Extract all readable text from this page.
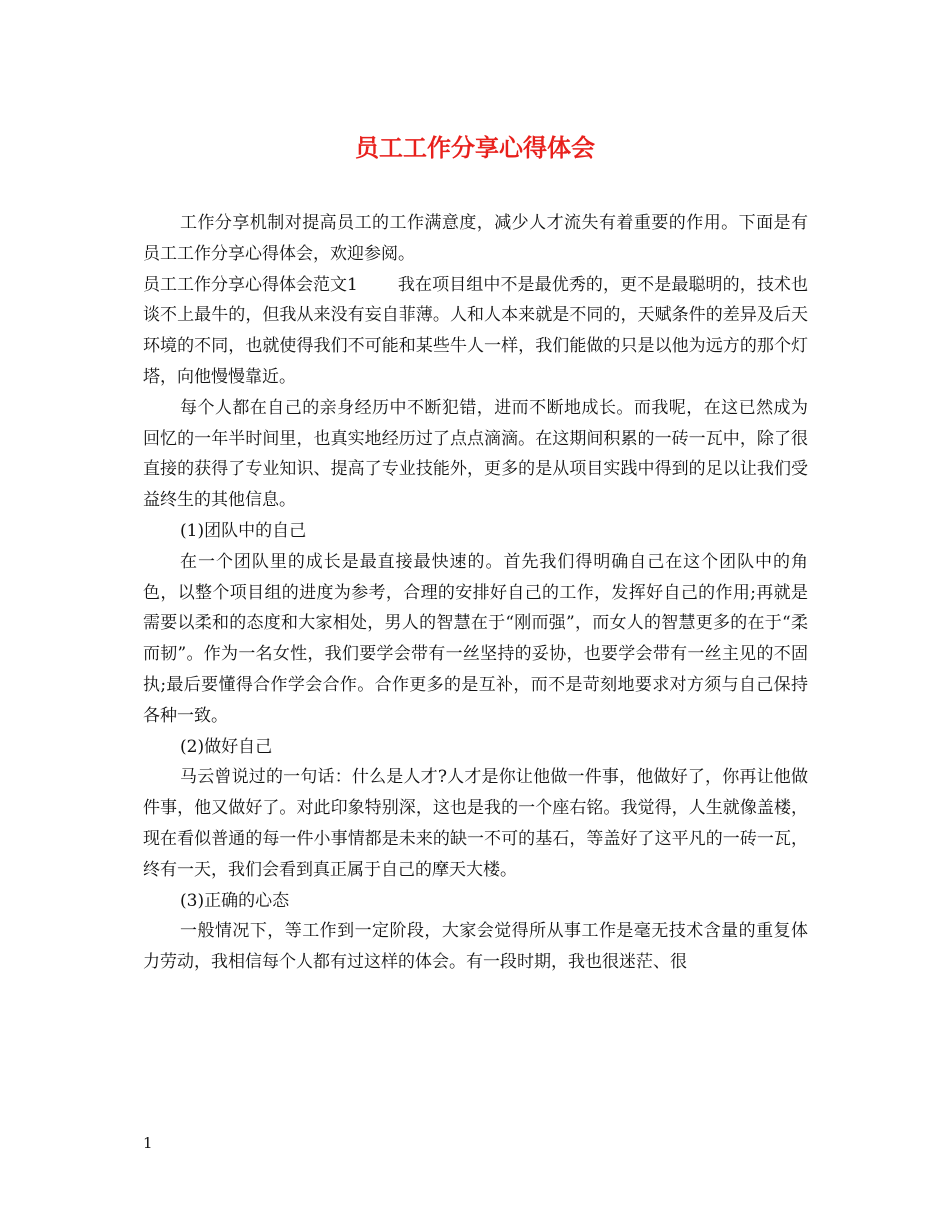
员工工作分享心得体会

工作分享机制对提高员工的工作满意度，减少人才流失有着重要的作用。下面是有员工工作分享心得体会，欢迎参阅。

员工工作分享心得体会范文1 我在项目组中不是最优秀的，更不是最聪明的，技术也谈不上最牛的，但我从来没有妄自菲薄。人和人本来就是不同的，天赋条件的差异及后天环境的不同，也就使得我们不可能和某些牛人一样，我们能做的只是以他为远方的那个灯塔，向他慢慢靠近。

每个人都在自己的亲身经历中不断犯错，进而不断地成长。而我呢，在这已然成为回忆的一年半时间里，也真实地经历过了点点滴滴。在这期间积累的一砖一瓦中，除了很直接的获得了专业知识、提高了专业技能外，更多的是从项目实践中得到的足以让我们受益终生的其他信息。

(1)团队中的自己

在一个团队里的成长是最直接最快速的。首先我们得明确自己在这个团队中的角色，以整个项目组的进度为参考，合理的安排好自己的工作，发挥好自己的作用;再就是需要以柔和的态度和大家相处，男人的智慧在于“刚而强”，而女人的智慧更多的在于“柔而韧”。作为一名女性，我们要学会带有一丝坚持的妥协，也要学会带有一丝主见的不固执;最后要懂得合作学会合作。合作更多的是互补，而不是苛刻地要求对方须与自己保持各种一致。

(2)做好自己

马云曾说过的一句话：什么是人才?人才是你让他做一件事，他做好了，你再让他做件事，他又做好了。对此印象特别深，这也是我的一个座右铭。我觉得，人生就像盖楼，现在看似普通的每一件小事情都是未来的缺一不可的基石，等盖好了这平凡的一砖一瓦，终有一天，我们会看到真正属于自己的摩天大楼。

(3)正确的心态

一般情况下，等工作到一定阶段，大家会觉得所从事工作是毫无技术含量的重复体力劳动，我相信每个人都有过这样的体会。有一段时期，我也很迷茫、很

1
